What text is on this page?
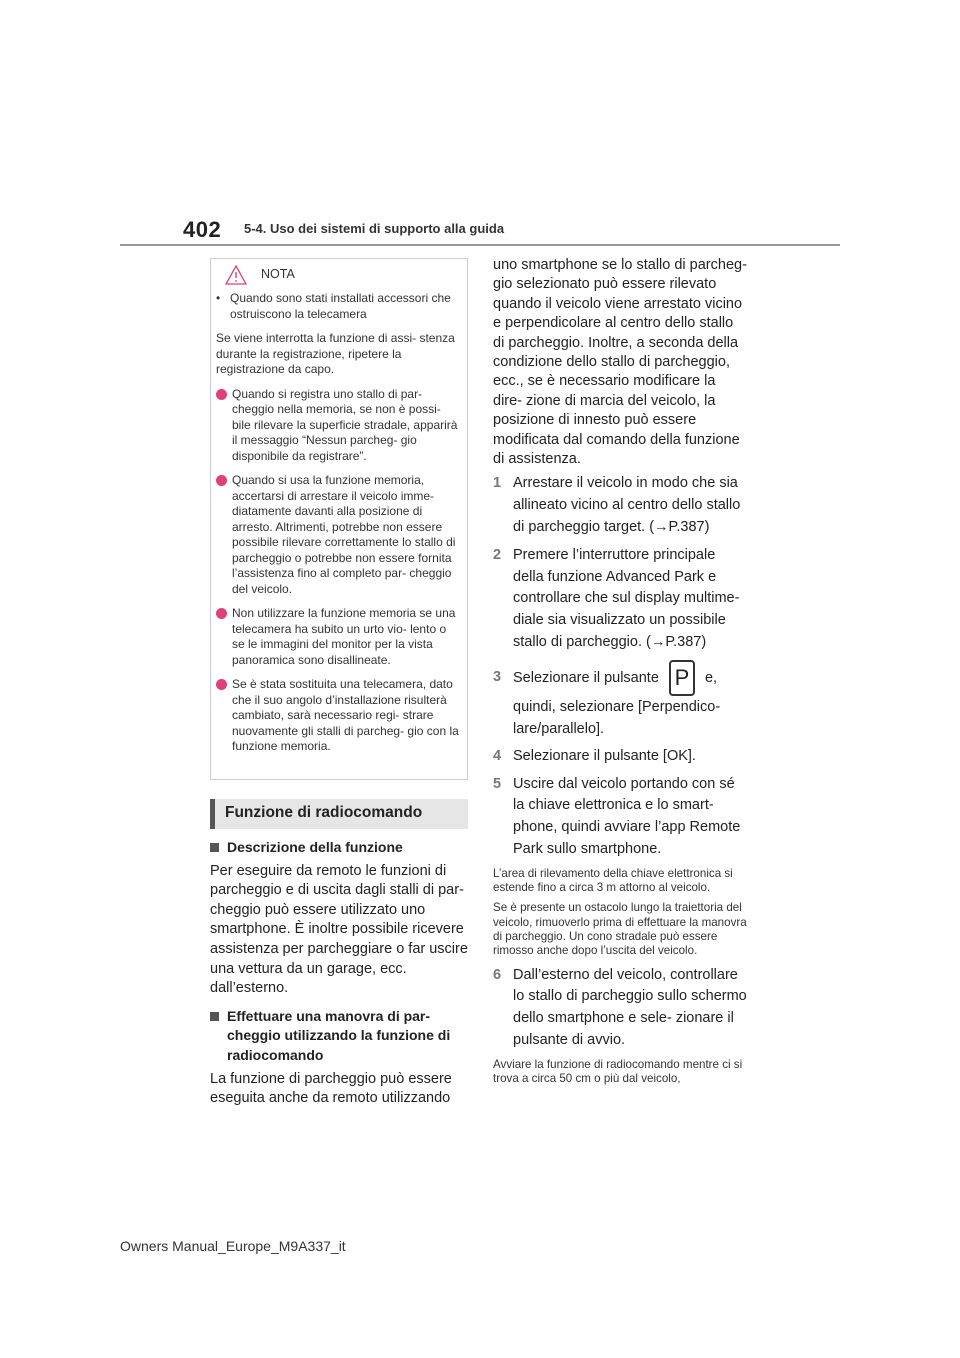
402 5-4. Uso dei sistemi di supporto alla guida
NOTA
• Quando sono stati installati accessori che ostruiscono la telecamera

Se viene interrotta la funzione di assi- stenza durante la registrazione, ripetere la registrazione da capo.

Quando si registra uno stallo di par- cheggio nella memoria, se non è possi- bile rilevare la superficie stradale, apparirà il messaggio “Nessun parcheg- gio disponibile da registrare”.
Quando si usa la funzione memoria, accertarsi di arrestare il veicolo imme- diatamente davanti alla posizione di arresto. Altrimenti, potrebbe non essere possibile rilevare correttamente lo stallo di parcheggio o potrebbe non essere fornita l’assistenza fino al completo par- cheggio del veicolo.
Non utilizzare la funzione memoria se una telecamera ha subito un urto vio- lento o se le immagini del monitor per la vista panoramica sono disallineate.
Se è stata sostituita una telecamera, dato che il suo angolo d’installazione risulterà cambiato, sarà necessario regi- strare nuovamente gli stalli di parcheg- gio con la funzione memoria.
Funzione di radiocomando
Descrizione della funzione

Per eseguire da remoto le funzioni di parcheggio e di uscita dagli stalli di par- cheggio può essere utilizzato uno smartphone. È inoltre possibile ricevere assistenza per parcheggiare o far uscire una vettura da un garage, ecc. dall’esterno.

Effettuare una manovra di par- cheggio utilizzando la funzione di radiocomando

La funzione di parcheggio può essere eseguita anche da remoto utilizzando

uno smartphone se lo stallo di parcheg- gio selezionato può essere rilevato quando il veicolo viene arrestato vicino e perpendicolare al centro dello stallo di parcheggio. Inoltre, a seconda della condizione dello stallo di parcheggio, ecc., se è necessario modificare la dire- zione di marcia del veicolo, la posizione di innesto può essere modificata dal comando della funzione di assistenza.

1 Arrestare il veicolo in modo che sia allineato vicino al centro dello stallo di parcheggio target. (→P.387)
2 Premere l’interruttore principale della funzione Advanced Park e controllare che sul display multime- diale sia visualizzato un possibile stallo di parcheggio. (→P.387)
3 Selezionare il pulsante P e, quindi, selezionare [Perpendico- lare/parallelo].
4 Selezionare il pulsante [OK].
5 Uscire dal veicolo portando con sé la chiave elettronica e lo smart- phone, quindi avviare l’app Remote Park sullo smartphone.

L’area di rilevamento della chiave elettronica si estende fino a circa 3 m attorno al veicolo.

Se è presente un ostacolo lungo la traiettoria del veicolo, rimuoverlo prima di effettuare la manovra di parcheggio. Un cono stradale può essere rimosso anche dopo l’uscita del veicolo.

6 Dall’esterno del veicolo, controllare lo stallo di parcheggio sullo schermo dello smartphone e sele- zionare il pulsante di avvio.

Avviare la funzione di radiocomando mentre ci si trova a circa 50 cm o più dal veicolo,

Owners Manual_Europe_M9A337_it
